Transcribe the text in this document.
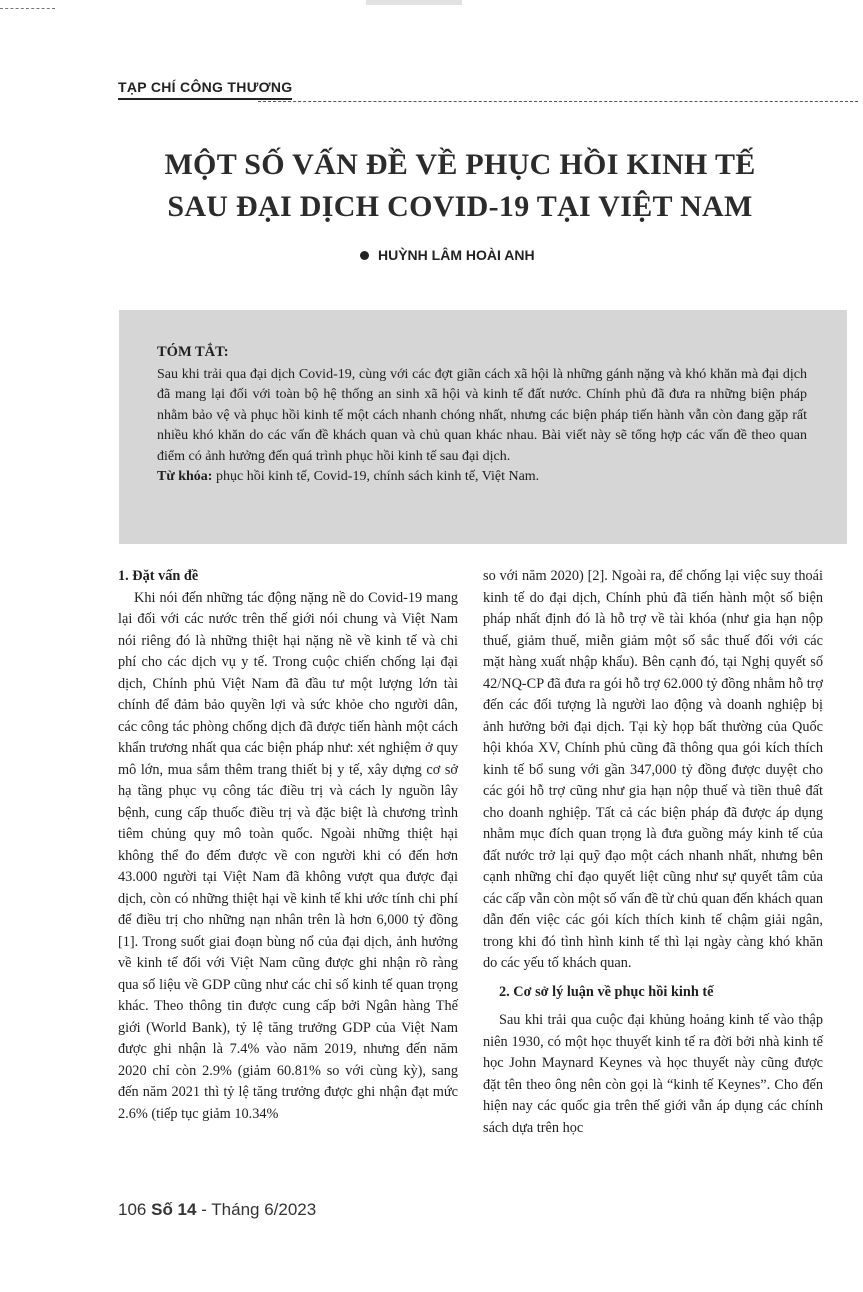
TẠP CHÍ CÔNG THƯƠNG
MỘT SỐ VẤN ĐỀ VỀ PHỤC HỒI KINH TẾ
SAU ĐẠI DỊCH COVID-19 TẠI VIỆT NAM
HUỲNH LÂM HOÀI ANH

TÓM TẮT:

Sau khi trải qua đại dịch Covid-19, cùng với các đợt giãn cách xã hội là những gánh nặng và khó khăn mà đại dịch đã mang lại đối với toàn bộ hệ thống an sinh xã hội và kinh tế đất nước. Chính phủ đã đưa ra những biện pháp nhằm bảo vệ và phục hồi kinh tế một cách nhanh chóng nhất, nhưng các biện pháp tiến hành vẫn còn đang gặp rất nhiều khó khăn do các vấn đề khách quan và chủ quan khác nhau. Bài viết này sẽ tổng hợp các vấn đề theo quan điểm có ảnh hưởng đến quá trình phục hồi kinh tế sau đại dịch.

Từ khóa: phục hồi kinh tế, Covid-19, chính sách kinh tế, Việt Nam.

1. Đặt vấn đề

Khi nói đến những tác động nặng nề do Covid-19 mang lại đối với các nước trên thế giới nói chung và Việt Nam nói riêng đó là những thiệt hại nặng nề về kinh tế và chi phí cho các dịch vụ y tế. Trong cuộc chiến chống lại đại dịch, Chính phủ Việt Nam đã đầu tư một lượng lớn tài chính để đảm bảo quyền lợi và sức khỏe cho người dân, các công tác phòng chống dịch đã được tiến hành một cách khẩn trương nhất qua các biện pháp như: xét nghiệm ở quy mô lớn, mua sắm thêm trang thiết bị y tế, xây dựng cơ sở hạ tầng phục vụ công tác điều trị và cách ly nguồn lây bệnh, cung cấp thuốc điều trị và đặc biệt là chương trình tiêm chủng quy mô toàn quốc. Ngoài những thiệt hại không thể đo đếm được về con người khi có đến hơn 43.000 người tại Việt Nam đã không vượt qua được đại dịch, còn có những thiệt hại về kinh tế khi ước tính chi phí để điều trị cho những nạn nhân trên là hơn 6,000 tỷ đồng [1]. Trong suốt giai đoạn bùng nổ của đại dịch, ảnh hưởng về kinh tế đối với Việt Nam cũng được ghi nhận rõ ràng qua số liệu về GDP cũng như các chỉ số kinh tế quan trọng khác. Theo thông tin được cung cấp bởi Ngân hàng Thế giới (World Bank), tỷ lệ tăng trưởng GDP của Việt Nam được ghi nhận là 7.4% vào năm 2019, nhưng đến năm 2020 chỉ còn 2.9% (giảm 60.81% so với cùng kỳ), sang đến năm 2021 thì tỷ lệ tăng trưởng được ghi nhận đạt mức 2.6% (tiếp tục giảm 10.34%

so với năm 2020) [2]. Ngoài ra, để chống lại việc suy thoái kinh tế do đại dịch, Chính phủ đã tiến hành một số biện pháp nhất định đó là hỗ trợ về tài khóa (như gia hạn nộp thuế, giảm thuế, miễn giảm một số sắc thuế đối với các mặt hàng xuất nhập khẩu). Bên cạnh đó, tại Nghị quyết số 42/NQ-CP đã đưa ra gói hỗ trợ 62.000 tỷ đồng nhằm hỗ trợ đến các đối tượng là người lao động và doanh nghiệp bị ảnh hưởng bởi đại dịch. Tại kỳ họp bất thường của Quốc hội khóa XV, Chính phủ cũng đã thông qua gói kích thích kinh tế bổ sung với gần 347,000 tỷ đồng được duyệt cho các gói hỗ trợ cũng như gia hạn nộp thuế và tiền thuê đất cho doanh nghiệp. Tất cả các biện pháp đã được áp dụng nhằm mục đích quan trọng là đưa guồng máy kinh tế của đất nước trở lại quỹ đạo một cách nhanh nhất, nhưng bên cạnh những chỉ đạo quyết liệt cũng như sự quyết tâm của các cấp vẫn còn một số vấn đề từ chủ quan đến khách quan dẫn đến việc các gói kích thích kinh tế chậm giải ngân, trong khi đó tình hình kinh tế thì lại ngày càng khó khăn do các yếu tố khách quan.

2. Cơ sở lý luận về phục hồi kinh tế

Sau khi trải qua cuộc đại khủng hoảng kinh tế vào thập niên 1930, có một học thuyết kinh tế ra đời bởi nhà kinh tế học John Maynard Keynes và học thuyết này cũng được đặt tên theo ông nên còn gọi là “kinh tế Keynes”. Cho đến hiện nay các quốc gia trên thế giới vẫn áp dụng các chính sách dựa trên học

106 Số 14 - Tháng 6/2023
